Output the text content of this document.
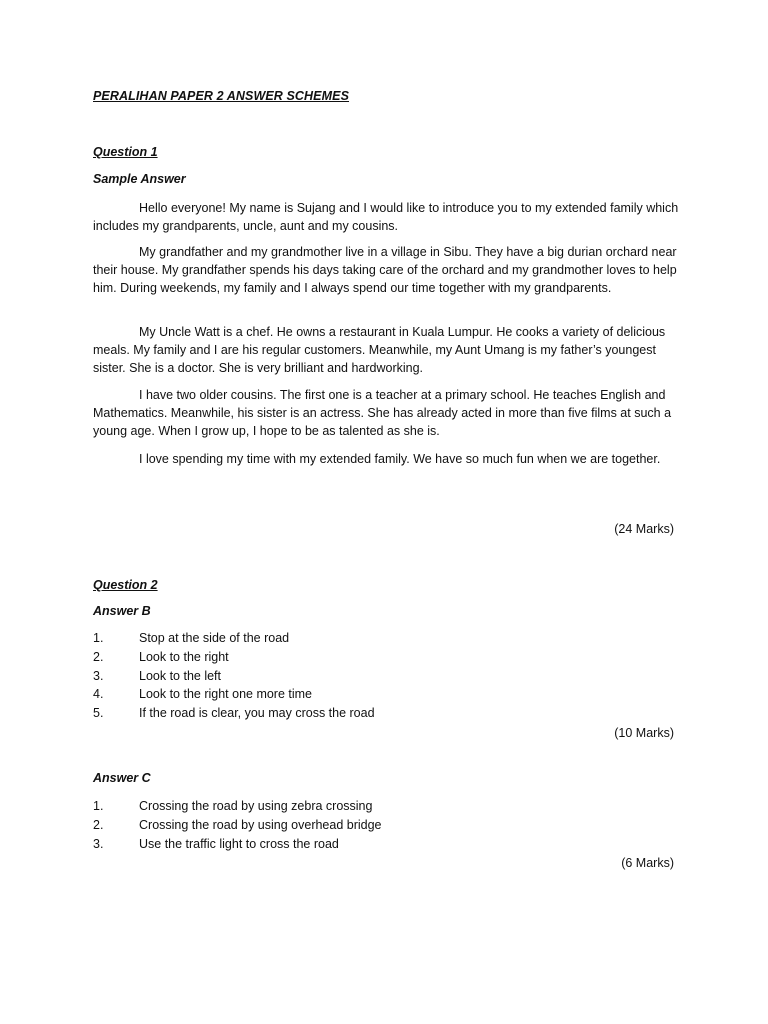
PERALIHAN PAPER 2 ANSWER SCHEMES
Question 1
Sample Answer
Hello everyone! My name is Sujang and I would like to introduce you to my extended family which includes my grandparents, uncle, aunt and my cousins.
My grandfather and my grandmother live in a village in Sibu. They have a big durian orchard near their house. My grandfather spends his days taking care of the orchard and my grandmother loves to help him. During weekends, my family and I always spend our time together with my grandparents.
My Uncle Watt is a chef. He owns a restaurant in Kuala Lumpur. He cooks a variety of delicious meals. My family and I are his regular customers. Meanwhile, my Aunt Umang is my father’s youngest sister. She is a doctor. She is very brilliant and hardworking.
I have two older cousins. The first one is a teacher at a primary school. He teaches English and Mathematics. Meanwhile, his sister is an actress. She has already acted in more than five films at such a young age. When I grow up, I hope to be as talented as she is.
I love spending my time with my extended family. We have so much fun when we are together.
(24 Marks)
Question 2
Answer B
1.	Stop at the side of the road
2.	Look to the right
3.	Look to the left
4.	Look to the right one more time
5.	If the road is clear, you may cross the road
(10 Marks)
Answer C
1.	Crossing the road by using zebra crossing
2.	Crossing the road by using overhead bridge
3.	Use the traffic light to cross the road
(6 Marks)
